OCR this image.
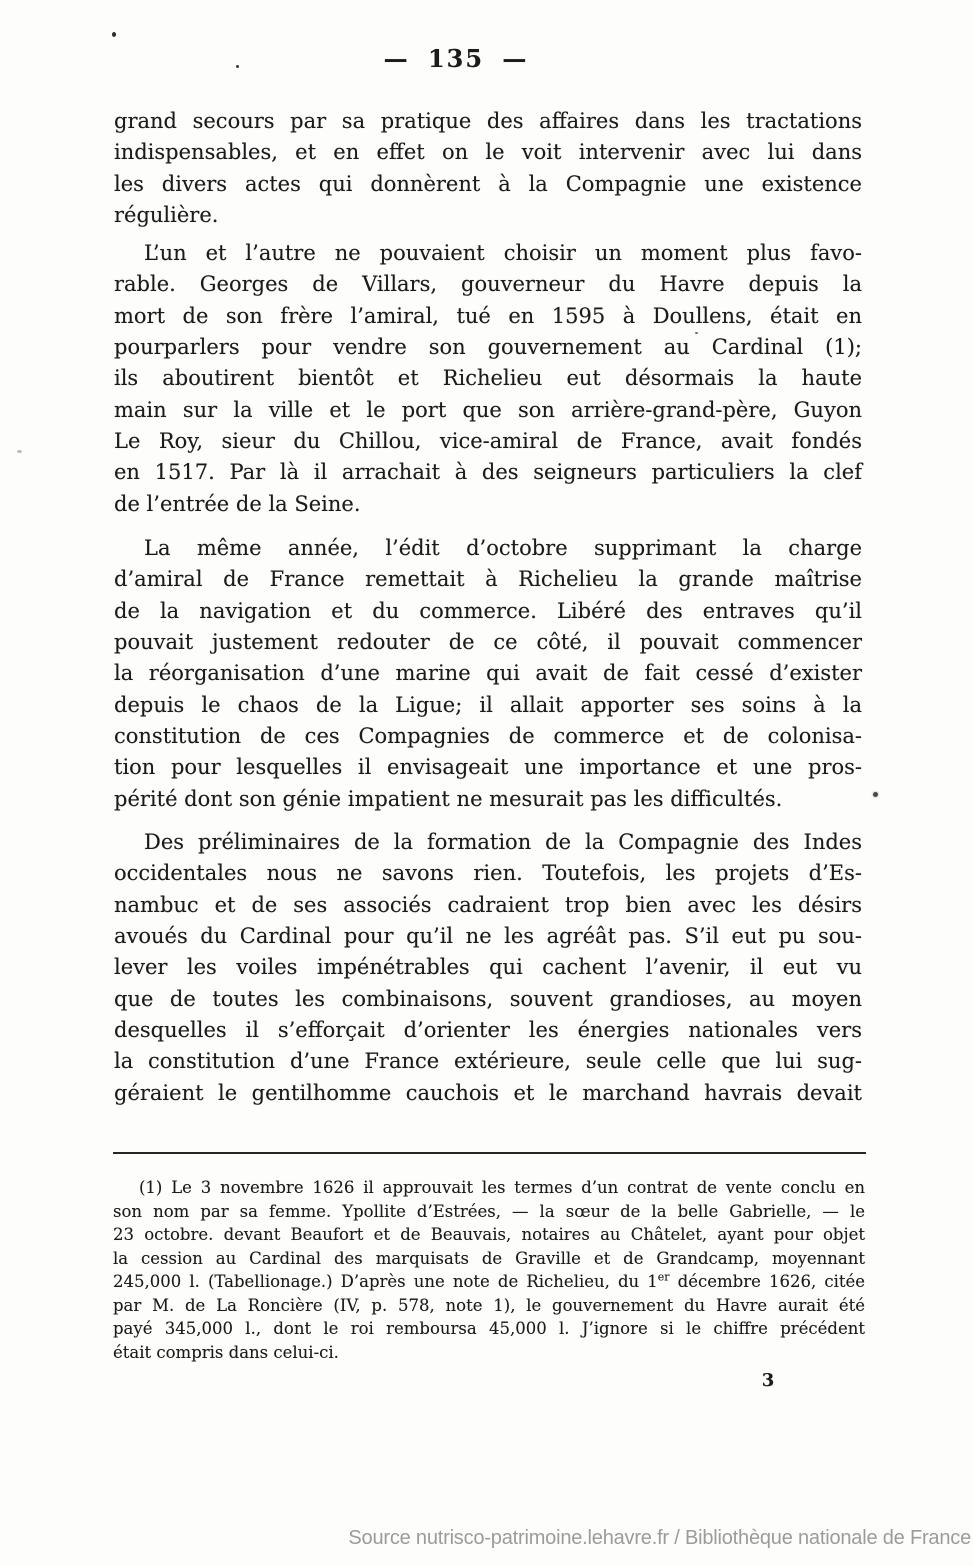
— 135 —
grand secours par sa pratique des affaires dans les tractations
indispensables, et en effet on le voit intervenir avec lui dans
les divers actes qui donnèrent à la Compagnie une existence
régulière.
L’un et l’autre ne pouvaient choisir un moment plus favo-
rable. Georges de Villars, gouverneur du Havre depuis la
mort de son frère l’amiral, tué en 1595 à Doullens, était en
pourparlers pour vendre son gouvernement au Cardinal (1);
ils aboutirent bientôt et Richelieu eut désormais la haute
main sur la ville et le port que son arrière-grand-père, Guyon
Le Roy, sieur du Chillou, vice-amiral de France, avait fondés
en 1517. Par là il arrachait à des seigneurs particuliers la clef
de l’entrée de la Seine.
La même année, l’édit d’octobre supprimant la charge
d’amiral de France remettait à Richelieu la grande maîtrise
de la navigation et du commerce. Libéré des entraves qu’il
pouvait justement redouter de ce côté, il pouvait commencer
la réorganisation d’une marine qui avait de fait cessé d’exister
depuis le chaos de la Ligue; il allait apporter ses soins à la
constitution de ces Compagnies de commerce et de colonisa-
tion pour lesquelles il envisageait une importance et une pros-
périté dont son génie impatient ne mesurait pas les difficultés.
Des préliminaires de la formation de la Compagnie des Indes
occidentales nous ne savons rien. Toutefois, les projets d’Es-
nambuc et de ses associés cadraient trop bien avec les désirs
avoués du Cardinal pour qu’il ne les agréât pas. S’il eut pu sou-
lever les voiles impénétrables qui cachent l’avenir, il eut vu
que de toutes les combinaisons, souvent grandioses, au moyen
desquelles il s’efforçait d’orienter les énergies nationales vers
la constitution d’une France extérieure, seule celle que lui sug-
géraient le gentilhomme cauchois et le marchand havrais devait
(1) Le 3 novembre 1626 il approuvait les termes d’un contrat de vente conclu en
son nom par sa femme. Ypollite d’Estrées, — la sœur de la belle Gabrielle, — le
23 octobre. devant Beaufort et de Beauvais, notaires au Châtelet, ayant pour objet
la cession au Cardinal des marquisats de Graville et de Grandcamp, moyennant
245,000 l. (Tabellionage.) D’après une note de Richelieu, du 1er décembre 1626, citée
par M. de La Roncière (IV, p. 578, note 1), le gouvernement du Havre aurait été
payé 345,000 l., dont le roi remboursa 45,000 l. J’ignore si le chiffre précédent
était compris dans celui-ci.
3
Source nutrisco-patrimoine.lehavre.fr / Bibliothèque nationale de France
